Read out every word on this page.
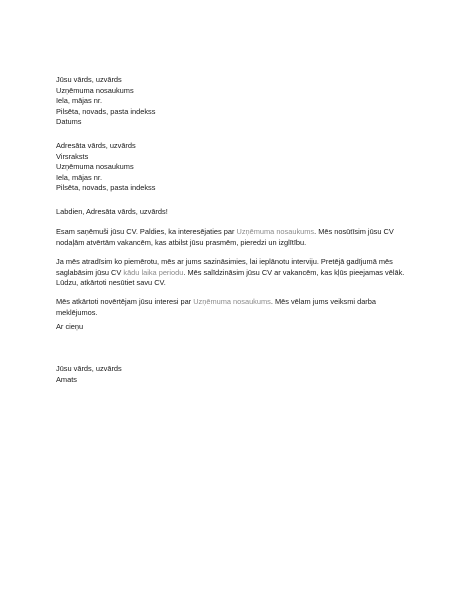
Jūsu vārds, uzvārds
Uzņēmuma nosaukums
Iela, mājas nr.
Pilsēta, novads, pasta indekss
Datums
Adresāta vārds, uzvārds
Virsraksts
Uzņēmuma nosaukums
Iela, mājas nr.
Pilsēta, novads, pasta indekss
Labdien, Adresāta vārds, uzvārds!
Esam saņēmuši jūsu CV. Paldies, ka interesējaties par Uzņēmuma nosaukums. Mēs nosūtīsim jūsu CV
nodaļām atvērtām vakancēm, kas atbilst jūsu prasmēm, pieredzi un izglītību.
Ja mēs atradīsim ko piemērotu, mēs ar jums sazināsimies, lai ieplānotu interviju. Pretējā gadījumā mēs
saglabāsim jūsu CV kādu laika periodu. Mēs salīdzināsim jūsu CV ar vakancēm, kas kļūs pieejamas vēlāk.
Lūdzu, atkārtoti nesūtiet savu CV.
Mēs atkārtoti novērtējam jūsu interesi par Uzņēmuma nosaukums. Mēs vēlam jums veiksmi darba
meklējumos.
Ar cieņu
Jūsu vārds, uzvārds
Amats
